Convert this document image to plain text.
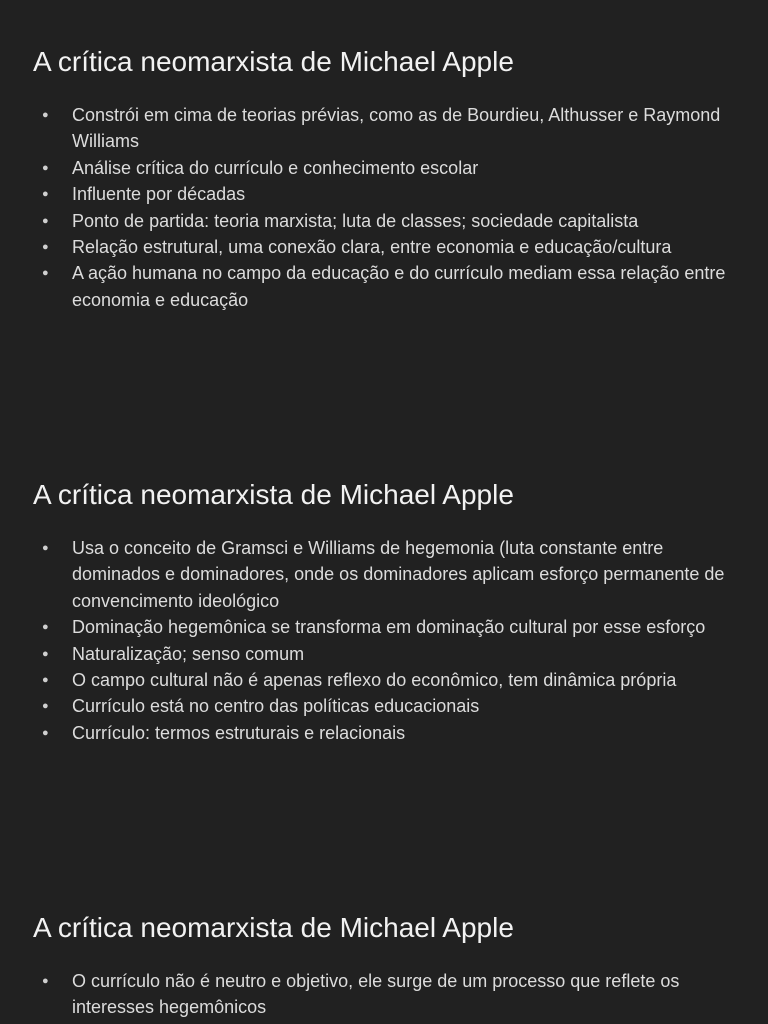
A crítica neomarxista de Michael Apple
● Constrói em cima de teorias prévias, como as de Bourdieu, Althusser e Raymond Williams
● Análise crítica do currículo e conhecimento escolar
● Influente por décadas
● Ponto de partida: teoria marxista; luta de classes; sociedade capitalista
● Relação estrutural, uma conexão clara, entre economia e educação/cultura
● A ação humana no campo da educação e do currículo mediam essa relação entre economia e educação
A crítica neomarxista de Michael Apple
● Usa o conceito de Gramsci e Williams de hegemonia (luta constante entre dominados e dominadores, onde os dominadores aplicam esforço permanente de convencimento ideológico
● Dominação hegemônica se transforma em dominação cultural por esse esforço
● Naturalização; senso comum
● O campo cultural não é apenas reflexo do econômico, tem dinâmica própria
● Currículo está no centro das políticas educacionais
● Currículo: termos estruturais e relacionais
A crítica neomarxista de Michael Apple
● O currículo não é neutro e objetivo, ele surge de um processo que reflete os interesses hegemônicos
